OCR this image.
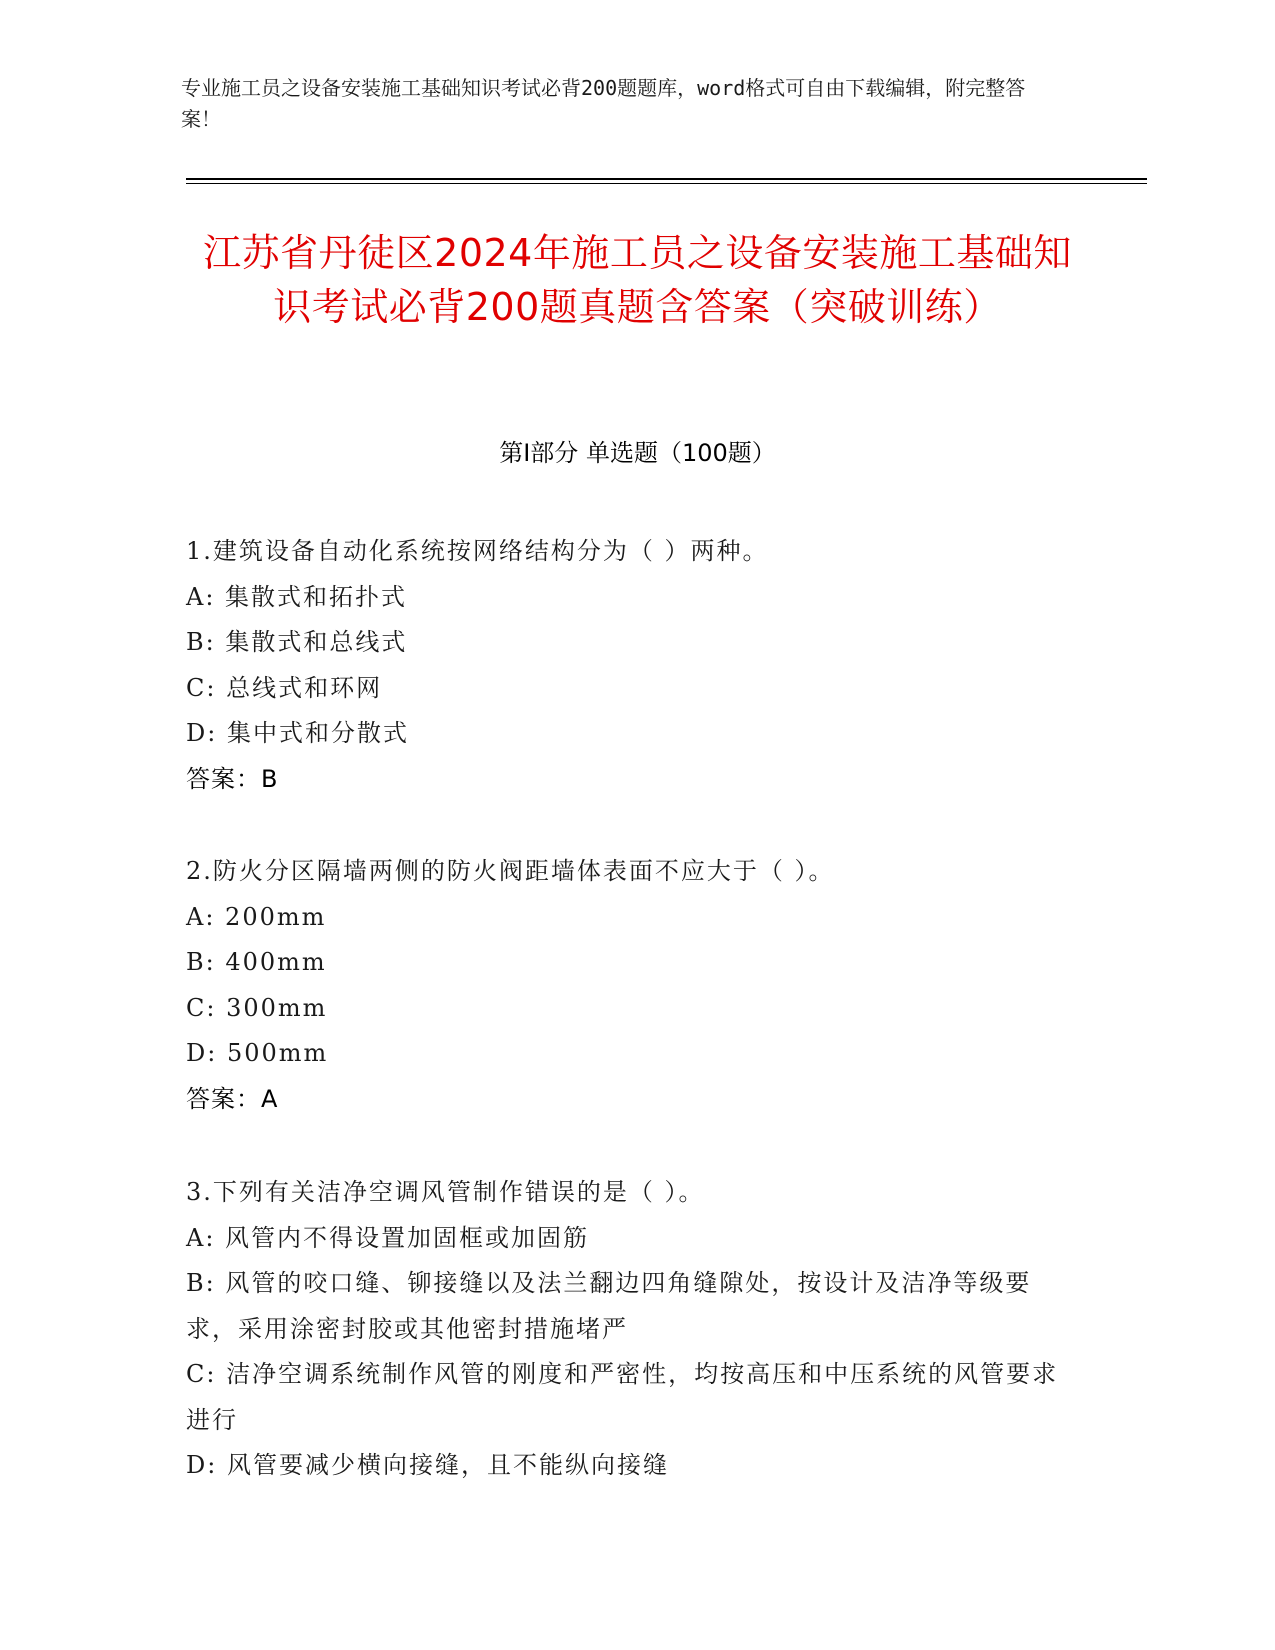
专业施工员之设备安装施工基础知识考试必背200题题库，word格式可自由下载编辑，附完整答案！
江苏省丹徒区2024年施工员之设备安装施工基础知识考试必背200题真题含答案（突破训练）
第I部分 单选题（100题）
1.建筑设备自动化系统按网络结构分为（ ）两种。
A: 集散式和拓扑式
B: 集散式和总线式
C: 总线式和环网
D: 集中式和分散式
答案：B
2.防火分区隔墙两侧的防火阀距墙体表面不应大于（ ）。
A: 200mm
B: 400mm
C: 300mm
D: 500mm
答案：A
3.下列有关洁净空调风管制作错误的是（ ）。
A: 风管内不得设置加固框或加固筋
B: 风管的咬口缝、铆接缝以及法兰翻边四角缝隙处，按设计及洁净等级要求，采用涂密封胶或其他密封措施堵严
C: 洁净空调系统制作风管的刚度和严密性，均按高压和中压系统的风管要求进行
D: 风管要减少横向接缝，且不能纵向接缝
